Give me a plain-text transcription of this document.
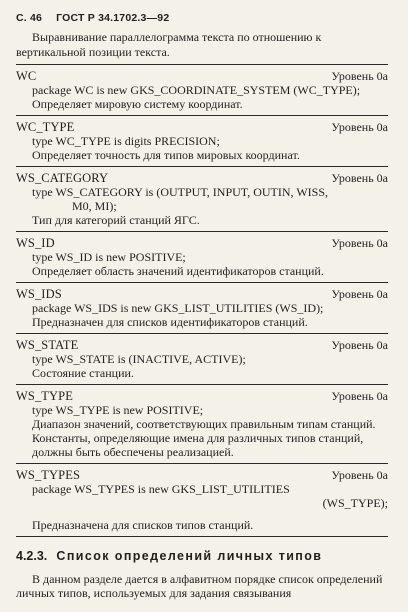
С. 46 ГОСТ Р 34.1702.3—92

Выравнивание параллелограмма текста по отношению к вертикальной позиции текста.

WC	Уровень 0а
package WC is new GKS_COORDINATE_SYSTEM (WC_TYPE);
Определяет мировую систему координат.
WC_TYPE	Уровень 0а
type WC_TYPE is digits PRECISION;
Определяет точность для типов мировых координат.
WS_CATEGORY	Уровень 0а
type WS_CATEGORY is (OUTPUT, INPUT, OUTIN, WISS,
M0, MI);
Тип для категорий станций ЯГС.
WS_ID	Уровень 0а
type WS_ID is new POSITIVE;
Определяет область значений идентификаторов станций.
WS_IDS	Уровень 0а
package WS_IDS is new GKS_LIST_UTILITIES (WS_ID);
Предназначен для списков идентификаторов станций.
WS_STATE	Уровень 0а
type WS_STATE is (INACTIVE, ACTIVE);
Состояние станции.
WS_TYPE	Уровень 0а
type WS_TYPE is new POSITIVE;
Диапазон значений, соответствующих правильным типам станций. Константы, определяющие имена для различных типов станций, должны быть обеспечены реализацией.
WS_TYPES	Уровень 0а
package WS_TYPES is new GKS_LIST_UTILITIES
(WS_TYPE);
Предназначена для списков типов станций.
4.2.3. Список определений личных типов

В данном разделе дается в алфавитном порядке список определений личных типов, используемых для задания связывания
